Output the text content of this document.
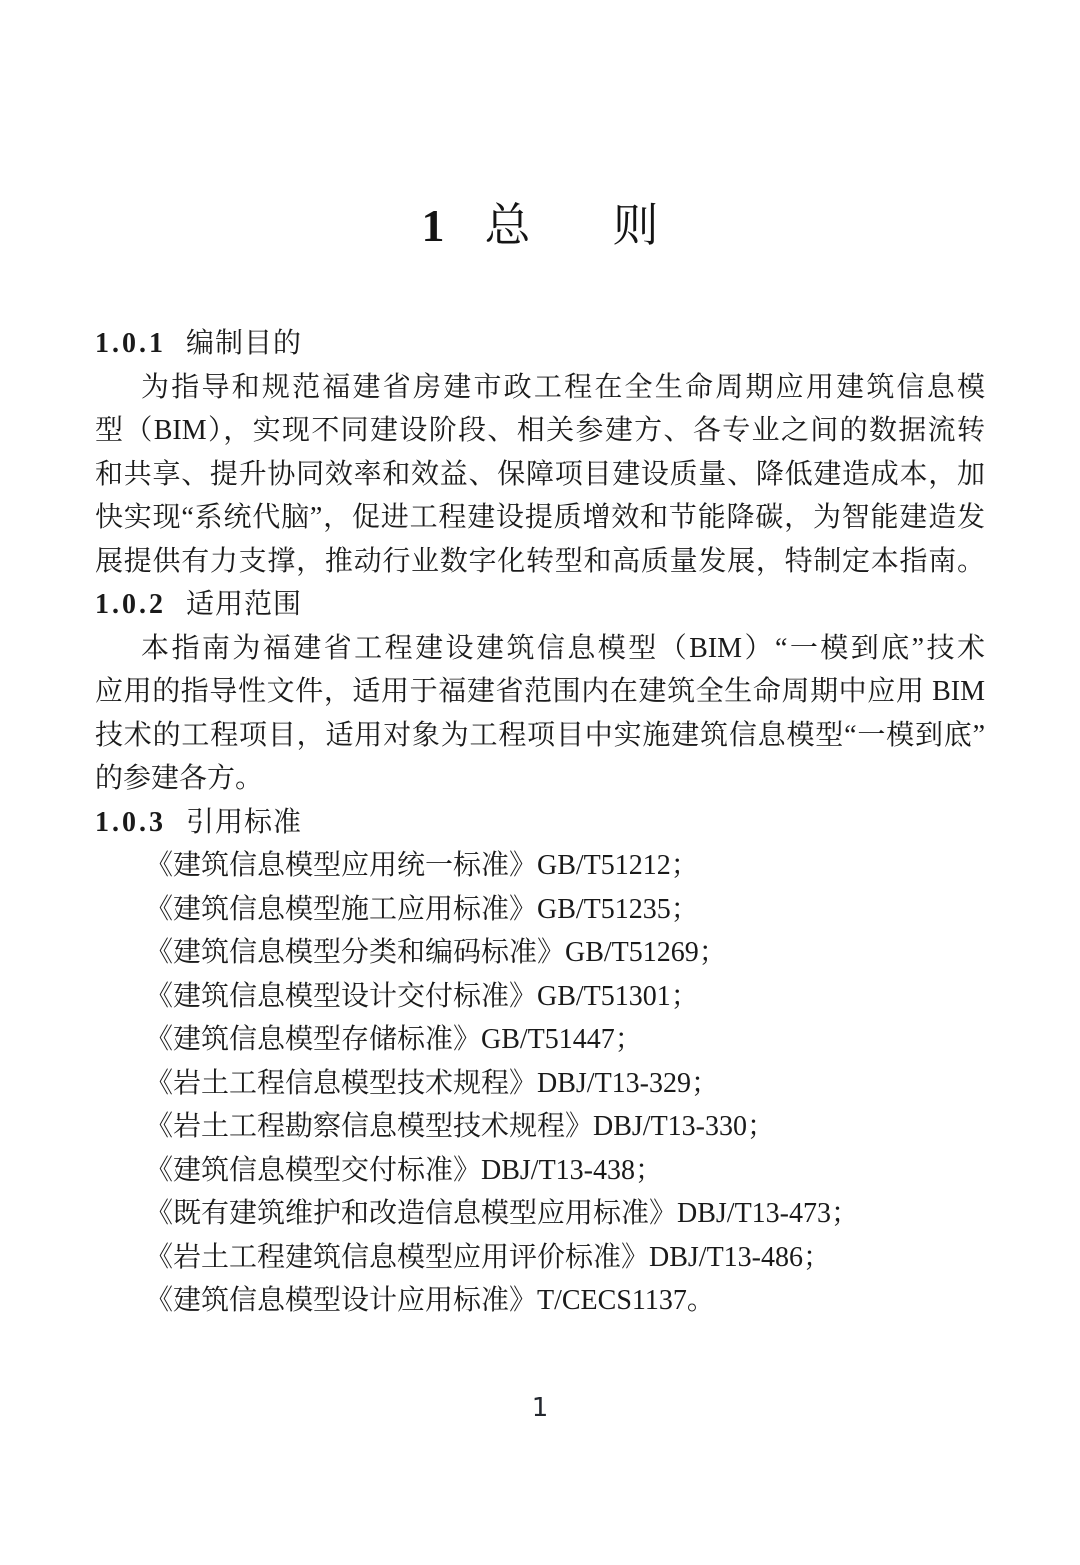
1 总 则
1.0.1 编制目的
为指导和规范福建省房建市政工程在全生命周期应用建筑信息模
型（BIM），实现不同建设阶段、相关参建方、各专业之间的数据流转
和共享、提升协同效率和效益、保障项目建设质量、降低建造成本，加
快实现“系统代脑”，促进工程建设提质增效和节能降碳，为智能建造发
展提供有力支撑，推动行业数字化转型和高质量发展，特制定本指南。
1.0.2 适用范围
本指南为福建省工程建设建筑信息模型（BIM）“一模到底”技术
应用的指导性文件，适用于福建省范围内在建筑全生命周期中应用 BIM
技术的工程项目，适用对象为工程项目中实施建筑信息模型“一模到底”
的参建各方。
1.0.3 引用标准
《建筑信息模型应用统一标准》GB/T51212；
《建筑信息模型施工应用标准》GB/T51235；
《建筑信息模型分类和编码标准》GB/T51269；
《建筑信息模型设计交付标准》GB/T51301；
《建筑信息模型存储标准》GB/T51447；
《岩土工程信息模型技术规程》DBJ/T13-329；
《岩土工程勘察信息模型技术规程》DBJ/T13-330；
《建筑信息模型交付标准》DBJ/T13-438；
《既有建筑维护和改造信息模型应用标准》DBJ/T13-473；
《岩土工程建筑信息模型应用评价标准》DBJ/T13-486；
《建筑信息模型设计应用标准》T/CECS1137。
1
